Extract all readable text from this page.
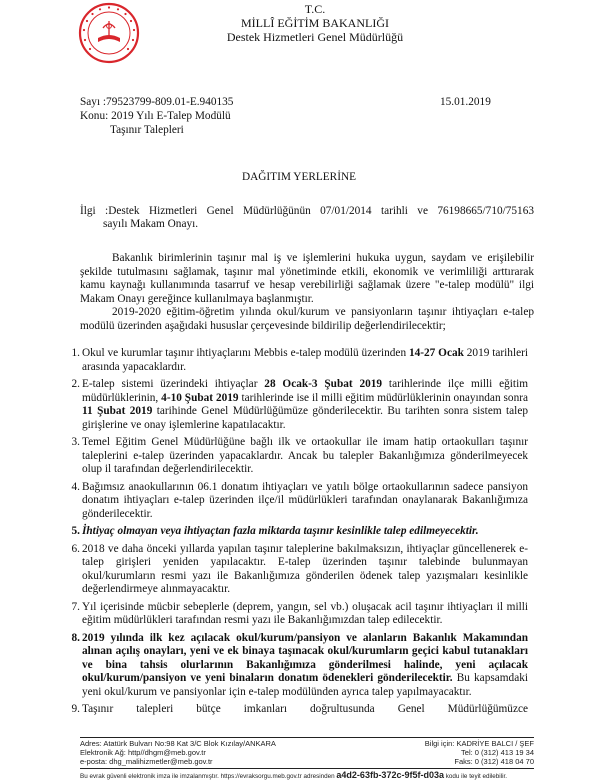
T.C.
MİLLÎ EĞİTİM BAKANLIĞI
Destek Hizmetleri Genel Müdürlüğü
Sayı :79523799-809.01-E.940135	15.01.2019
Konu: 2019 Yılı E-Talep Modülü
Taşınır Talepleri
DAĞITIM YERLERİNE
İlgi :Destek Hizmetleri Genel Müdürlüğünün 07/01/2014 tarihli ve 76198665/710/75163
sayılı Makam Onayı.
Bakanlık birimlerinin taşınır mal iş ve işlemlerini hukuka uygun, saydam ve erişilebilir şekilde tutulmasını sağlamak, taşınır mal yönetiminde etkili, ekonomik ve verimliliği arttırarak kamu kaynağı kullanımında tasarruf ve hesap verebilirliği sağlamak üzere "e-talep modülü" ilgi Makam Onayı gereğince kullanılmaya başlanmıştır.
2019-2020 eğitim-öğretim yılında okul/kurum ve pansiyonların taşınır ihtiyaçları e-talep modülü üzerinden aşağıdaki hususlar çerçevesinde bildirilip değerlendirilecektir;
1. Okul ve kurumlar taşınır ihtiyaçlarını Mebbis e-talep modülü üzerinden 14-27 Ocak 2019 tarihleri arasında yapacaklardır.
2. E-talep sistemi üzerindeki ihtiyaçlar 28 Ocak-3 Şubat 2019 tarihlerinde ilçe milli eğitim müdürlüklerinin, 4-10 Şubat 2019 tarihlerinde ise il milli eğitim müdürlüklerinin onayından sonra 11 Şubat 2019 tarihinde Genel Müdürlüğümüze gönderilecektir. Bu tarihten sonra sistem talep girişlerine ve onay işlemlerine kapatılacaktır.
3. Temel Eğitim Genel Müdürlüğüne bağlı ilk ve ortaokullar ile imam hatip ortaokulları taşınır taleplerini e-talep üzerinden yapacaklardır. Ancak bu talepler Bakanlığımıza gönderilmeyecek olup il tarafından değerlendirilecektir.
4. Bağımsız anaokullarının 06.1 donatım ihtiyaçları ve yatılı bölge ortaokullarının sadece pansiyon donatım ihtiyaçları e-talep üzerinden ilçe/il müdürlükleri tarafından onaylanarak Bakanlığımıza gönderilecektir.
5. İhtiyaç olmayan veya ihtiyaçtan fazla miktarda taşınır kesinlikle talep edilmeyecektir.
6. 2018 ve daha önceki yıllarda yapılan taşınır taleplerine bakılmaksızın, ihtiyaçlar güncellenerek e-talep girişleri yeniden yapılacaktır. E-talep üzerinden taşınır talebinde bulunmayan okul/kurumların resmi yazı ile Bakanlığımıza gönderilen ödenek talep yazışmaları kesinlikle değerlendirmeye alınmayacaktır.
7. Yıl içerisinde mücbir sebeplerle (deprem, yangın, sel vb.) oluşacak acil taşınır ihtiyaçları il milli eğitim müdürlükleri tarafından resmi yazı ile Bakanlığımızdan talep edilecektir.
8. 2019 yılında ilk kez açılacak okul/kurum/pansiyon ve alanların Bakanlık Makamından alınan açılış onayları, yeni ve ek binaya taşınacak okul/kurumların geçici kabul tutanakları ve bina tahsis olurlarının Bakanlığımıza gönderilmesi halinde, yeni açılacak okul/kurum/pansiyon ve yeni binaların donatım ödenekleri gönderilecektir. Bu kapsamdaki yeni okul/kurum ve pansiyonlar için e-talep modülünden ayrıca talep yapılmayacaktır.
9. Taşınır talepleri bütçe imkanları doğrultusunda Genel Müdürlüğümüzce
Adres: Atatürk Bulvarı No:98 Kat 3/C Blok Kızılay/ANKARA
Elektronik Ağ: http//dhgm@meb.gov.tr
e-posta: dhg_malihizmetler@meb.gov.tr
Bilgi için: KADRİYE BALCI / ŞEF
Tel: 0 (312) 413 19 34
Faks: 0 (312) 418 04 70
Bu evrak güvenli elektronik imza ile imzalanmıştır. https://evraksorgu.meb.gov.tr adresinden a4d2-63fb-372c-9f5f-d03a kodu ile teyit edilebilir.
